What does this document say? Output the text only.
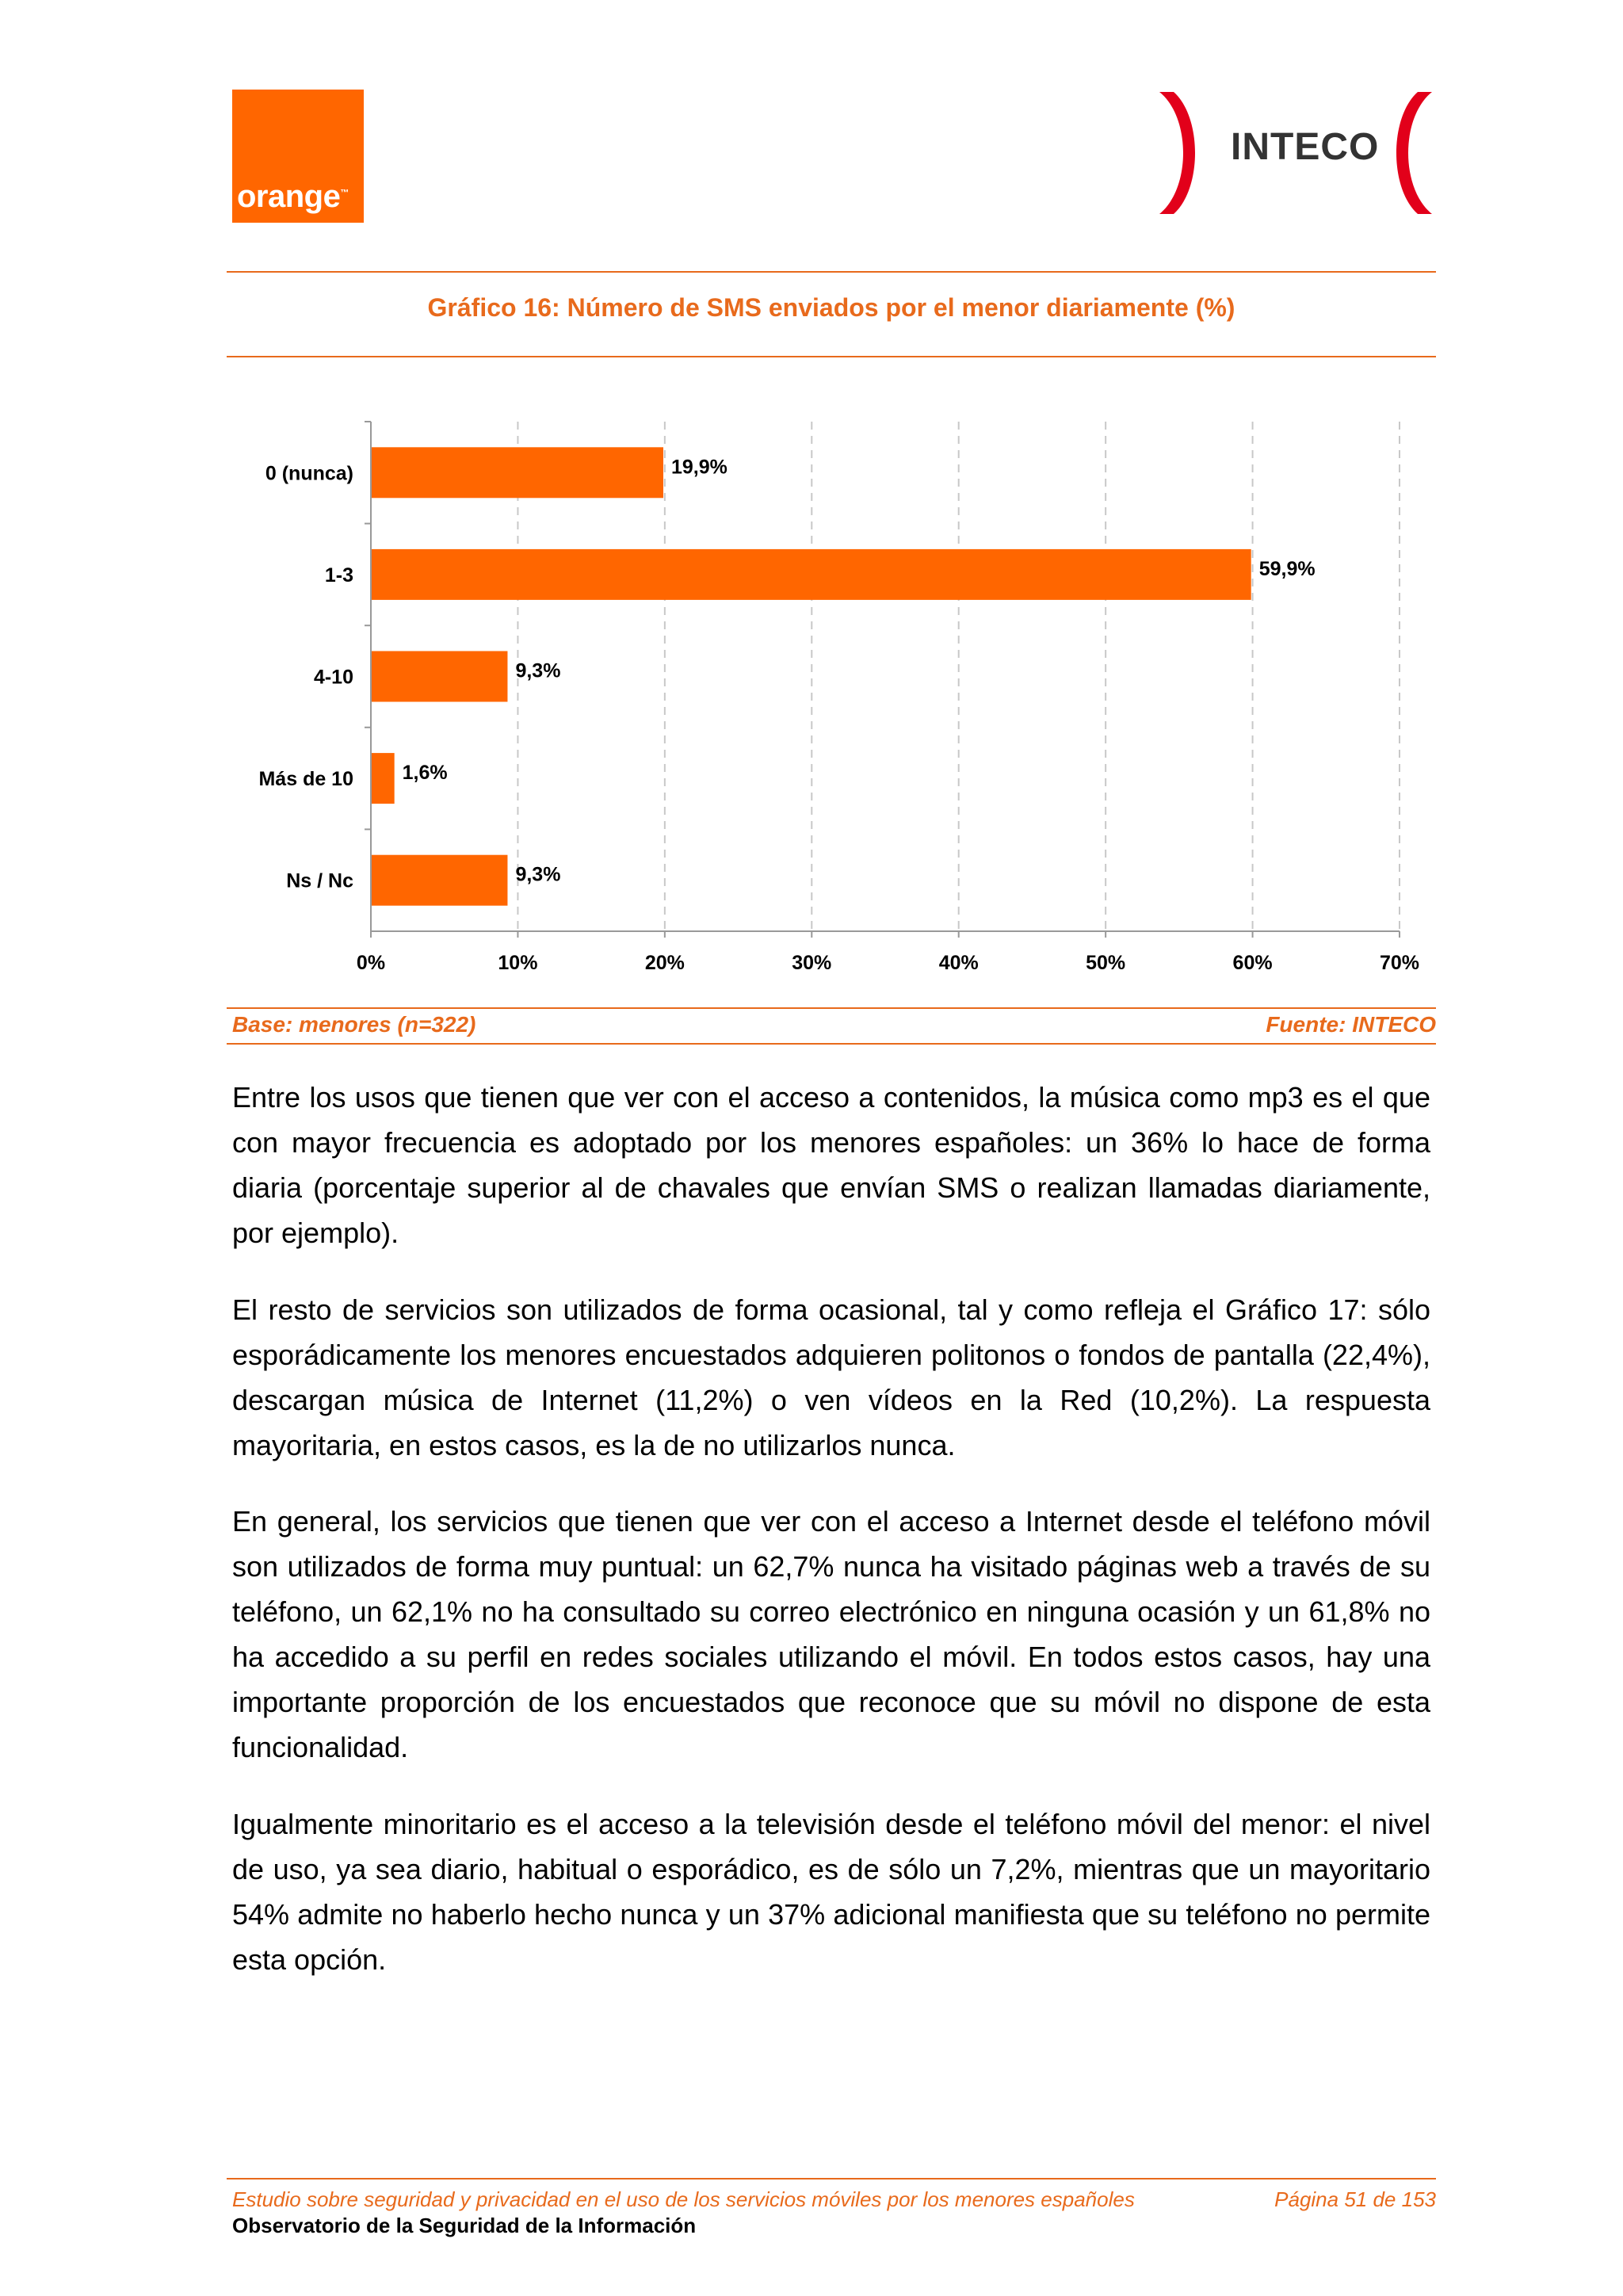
orange™
INTECO
Gráfico 16: Número de SMS enviados por el menor diariamente (%)
0%	10%	20%	30%	40%	50%	60%	70%
0 (nunca)	19,9%
1-3	59,9%
4-10	9,3%
Más de 10 1,6%
Ns / Nc	9,3%
Base: menores (n=322)	Fuente: INTECO
Entre los usos que tienen que ver con el acceso a contenidos, la música como mp3 es el que con mayor frecuencia es adoptado por los menores españoles: un 36% lo hace de forma diaria (porcentaje superior al de chavales que envían SMS o realizan llamadas diariamente, por ejemplo).
El resto de servicios son utilizados de forma ocasional, tal y como refleja el Gráfico 17: sólo esporádicamente los menores encuestados adquieren politonos o fondos de pantalla (22,4%), descargan música de Internet (11,2%) o ven vídeos en la Red (10,2%). La respuesta mayoritaria, en estos casos, es la de no utilizarlos nunca.
En general, los servicios que tienen que ver con el acceso a Internet desde el teléfono móvil son utilizados de forma muy puntual: un 62,7% nunca ha visitado páginas web a través de su teléfono, un 62,1% no ha consultado su correo electrónico en ninguna ocasión y un 61,8% no ha accedido a su perfil en redes sociales utilizando el móvil. En todos estos casos, hay una importante proporción de los encuestados que reconoce que su móvil no dispone de esta funcionalidad.
Igualmente minoritario es el acceso a la televisión desde el teléfono móvil del menor: el nivel de uso, ya sea diario, habitual o esporádico, es de sólo un 7,2%, mientras que un mayoritario 54% admite no haberlo hecho nunca y un 37% adicional manifiesta que su teléfono no permite esta opción.
Estudio sobre seguridad y privacidad en el uso de los servicios móviles por los menores españoles	Página 51 de 153
Observatorio de la Seguridad de la Información
